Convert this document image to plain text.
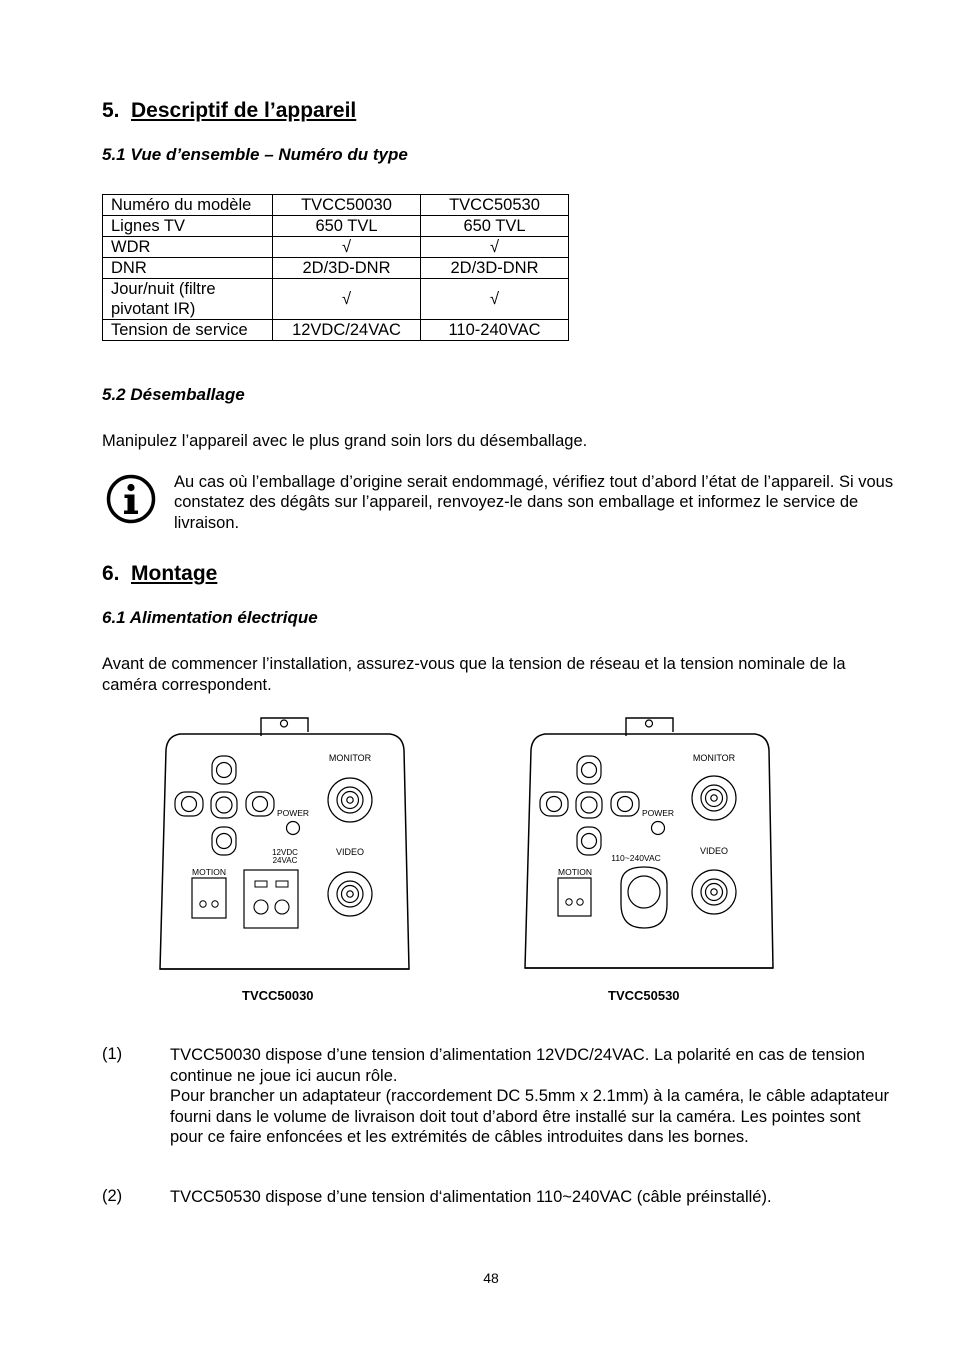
5. Descriptif de l’appareil
5.1 Vue d’ensemble – Numéro du type
Numéro du modèle	TVCC50030	TVCC50530
Lignes TV	650 TVL	650 TVL
WDR	√	√
DNR	2D/3D-DNR	2D/3D-DNR
Jour/nuit (filtre pivotant IR)	√	√
Tension de service	12VDC/24VAC	110-240VAC
5.2 Désemballage
Manipulez l’appareil avec le plus grand soin lors du désemballage.
Au cas où l’emballage d’origine serait endommagé, vérifiez tout d’abord l’état de l’appareil. Si vous constatez des dégâts sur l’appareil, renvoyez-le dans son emballage et informez le service de livraison.
6. Montage
6.1 Alimentation électrique
Avant de commencer l’installation, assurez-vous que la tension de réseau et la tension nominale de la caméra correspondent.
MONITOR
POWER
VIDEO
MOTION
12VDC
24VAC
TVCC50030
MONITOR
POWER
VIDEO
MOTION
110~240VAC
TVCC50530
(1)	TVCC50030 dispose d’une tension d’alimentation 12VDC/24VAC. La polarité en cas de tension continue ne joue ici aucun rôle.
Pour brancher un adaptateur (raccordement DC 5.5mm x 2.1mm) à la caméra, le câble adaptateur fourni dans le volume de livraison doit tout d’abord être installé sur la caméra. Les pointes sont pour ce faire enfoncées et les extrémités de câbles introduites dans les bornes.
(2)	TVCC50530 dispose d’une tension d‘alimentation 110~240VAC (câble préinstallé).
48
